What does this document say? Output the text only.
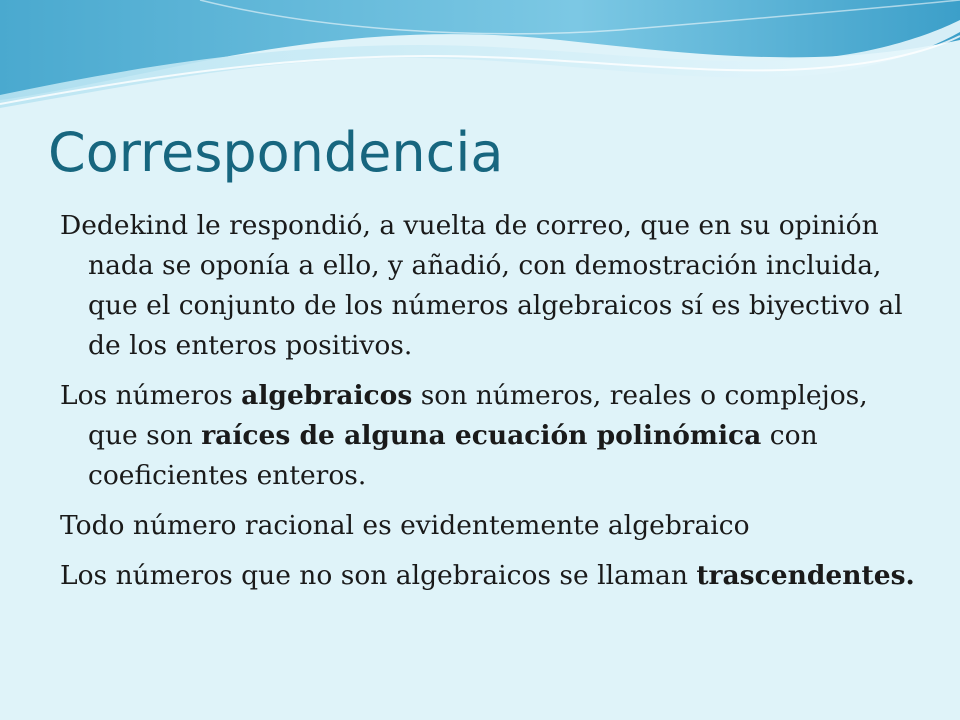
Correspondencia
Dedekind le respondió, a vuelta de correo, que en su opinión nada se oponía a ello, y añadió, con demostración incluida, que el conjunto de los números algebraicos sí es biyectivo al de los enteros positivos.
Los números algebraicos son números, reales o complejos, que son raíces de alguna ecuación polinómica con coeficientes enteros.
Todo número racional es evidentemente algebraico
Los números que no son algebraicos se llaman trascendentes.
